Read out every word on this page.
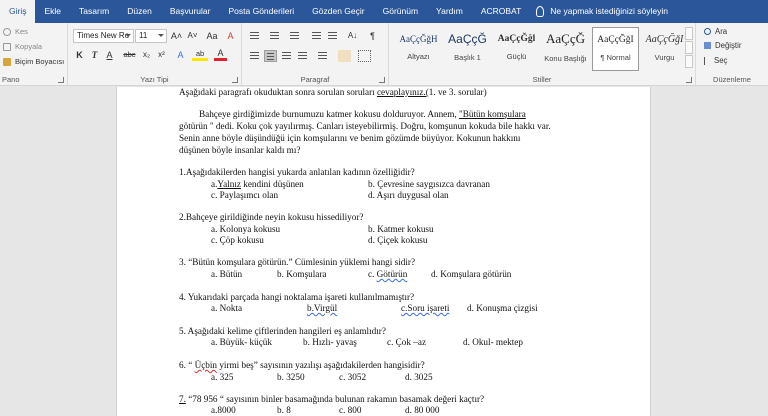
Giriş	Ekle	Tasarım	Düzen	Başvurular	Posta Gönderileri	Gözden Geçir	Görünüm	Yardım	ACROBAT	Ne yapmak istediğinizi söyleyin
Kes
Kopyala
Biçim Boyacısı
Pano
Times New Ro	11	A˄ A˅ Aa	A
K	T	A	abc x₂	x²	A	ab	A
Yazı Tipi
A↓	¶
Paragraf
AaÇçĞğH
Altyazı
AaÇçĞ
Başlık 1
AaÇçĞğl
Güçlü
AaÇçĞ
Konu Başlığı
AaÇçĞğI
¶ Normal
AaÇçĞğI
Vurgu
Stiller
Ara
Değiştir
Seç
Düzenleme
Aşağıdaki paragrafı okuduktan sonra sorulan soruları cevaplayınız.(1. ve 3. sorular)
Bahçeye girdiğimizde burnumuzu katmer kokusu dolduruyor. Annem, "Bütün komşulara
götürün " dedi. Koku çok yayılırmış. Canları isteyebilirmiş. Doğru, komşunun kokuda bile hakkı var.
Senin anne böyle düşündüğü için komşularını ve benim gözümde büyüyor. Kokunun hakkını
düşünen böyle insanlar kaldı mı?
1.Aşağıdakilerden hangisi yukarda anlatılan kadının özelliğidir?
a.Yalnız kendini düşünen	b. Çevresine saygısızca davranan
c. Paylaşımcı olan	d. Aşırı duygusal olan
2.Bahçeye girildiğinde neyin kokusu hissediliyor?
a. Kolonya kokusu	b. Katmer kokusu
c. Çöp kokusu	d. Çiçek kokusu
3. “Bütün komşulara götürün.” Cümlesinin yüklemi hangi sidir?
a. Bütün	b. Komşulara	c. Götürün	d. Komşulara götürün
4. Yukarıdaki parçada hangi noktalama işareti kullanılmamıştır?
a. Nokta	b.Virgül	c.Soru işareti d. Konuşma çizgisi
5. Aşağıdaki kelime çiftlerinden hangileri eş anlamlıdır?
a. Büyük- küçük	b. Hızlı- yavaş	c. Çok –az	d. Okul- mektep
6. “ Üçbin yirmi beş” sayısının yazılışı aşağıdakilerden hangisidir?
a. 325	b. 3250	c. 3052	d. 3025
7. “78 956 “ sayısının binler basamağında bulunan rakamın basamak değeri kaçtır?
a.8000	b. 8	c. 800	d. 80 000
